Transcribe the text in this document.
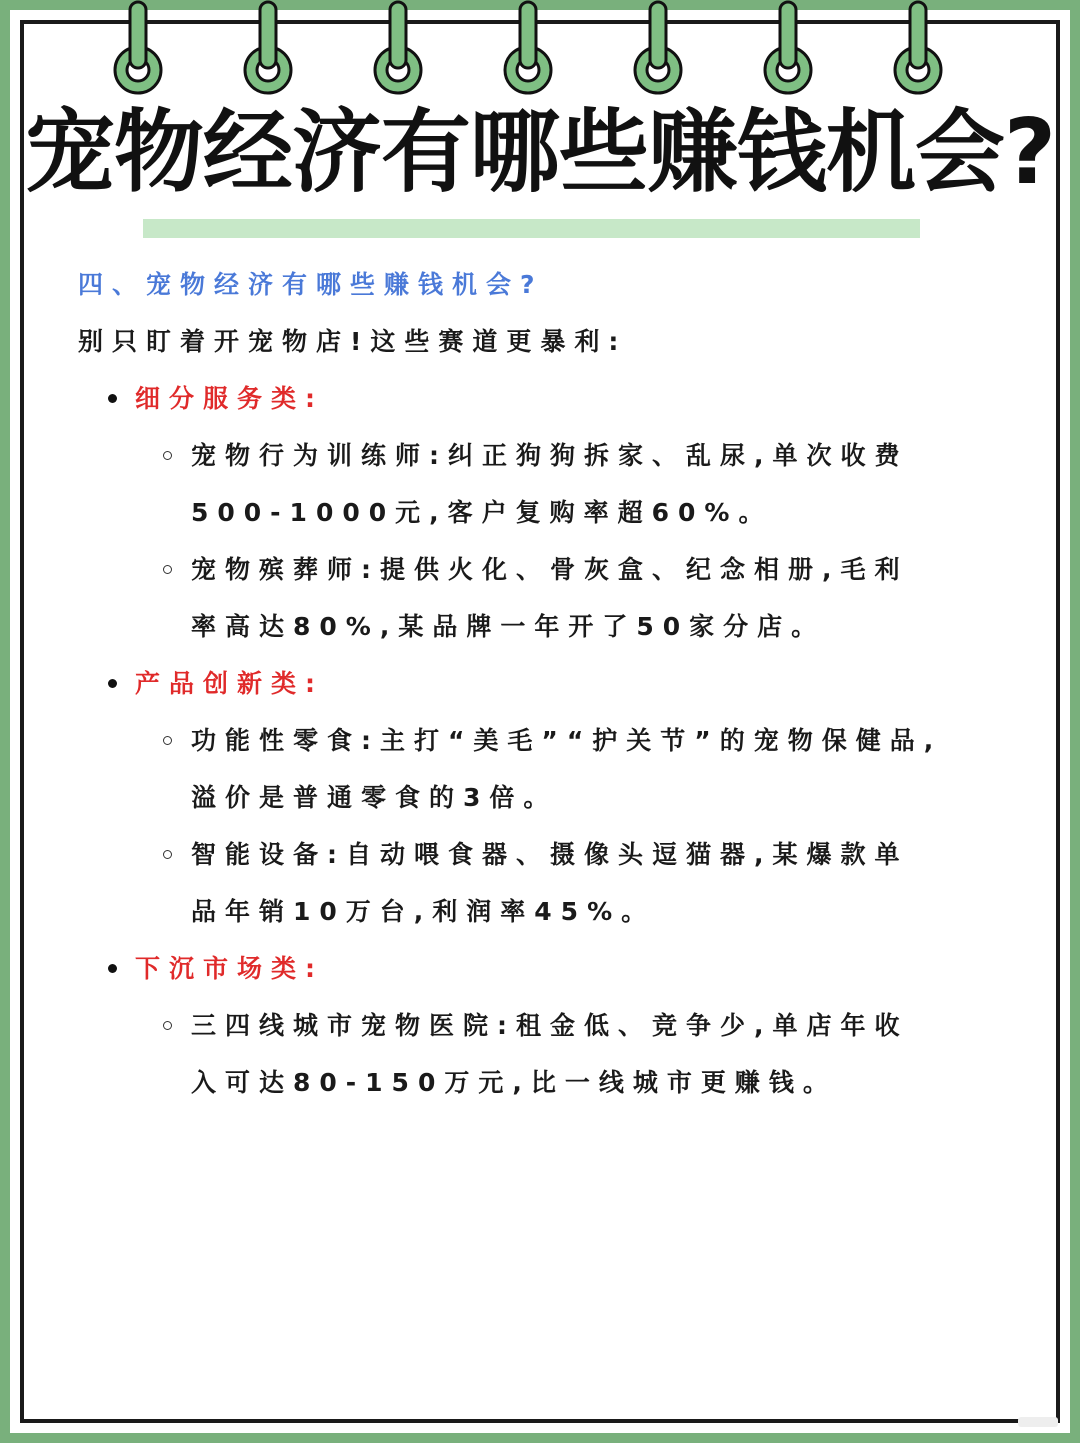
宠物经济有哪些赚钱机会?
四、宠物经济有哪些赚钱机会?
别只盯着开宠物店!这些赛道更暴利:
细分服务类:
宠物行为训练师:纠正狗狗拆家、乱尿,单次收费
500-1000元,客户复购率超60%。
宠物殡葬师:提供火化、骨灰盒、纪念相册,毛利
率高达80%,某品牌一年开了50家分店。
产品创新类:
功能性零食:主打“美毛”“护关节”的宠物保健品,
溢价是普通零食的3倍。
智能设备:自动喂食器、摄像头逗猫器,某爆款单
品年销10万台,利润率45%。
下沉市场类:
三四线城市宠物医院:租金低、竞争少,单店年收
入可达80-150万元,比一线城市更赚钱。
